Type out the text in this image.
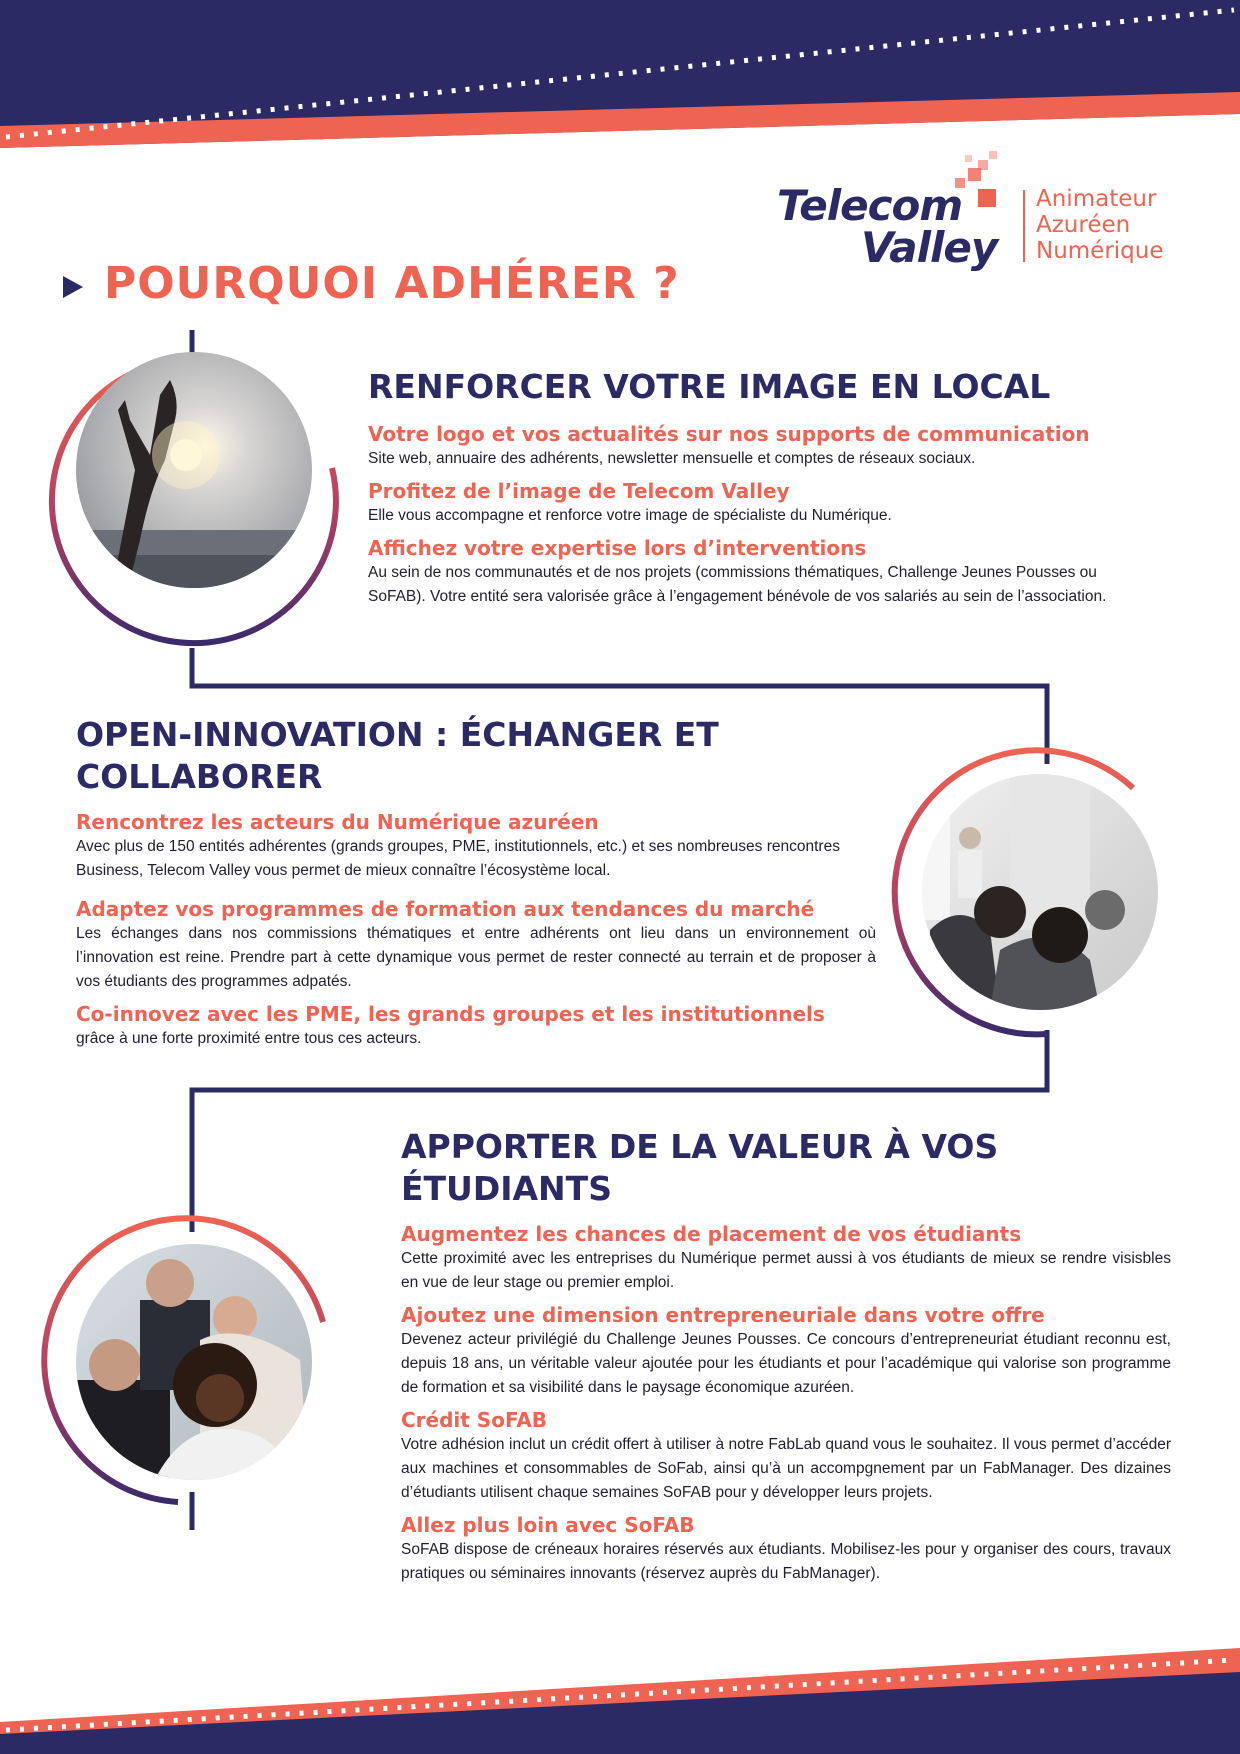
Telecom
Valley
Animateur
Azuréen
Numérique
POURQUOI ADHÉRER ?
RENFORCER VOTRE IMAGE EN LOCAL

Votre logo et vos actualités sur nos supports de communication

Site web, annuaire des adhérents, newsletter mensuelle et comptes de réseaux sociaux.

Profitez de l’image de Telecom Valley

Elle vous accompagne et renforce votre image de spécialiste du Numérique.

Affichez votre expertise lors d’interventions

Au sein de nos communautés et de nos projets (commissions thématiques, Challenge Jeunes Pousses ou SoFAB). Votre entité sera valorisée grâce à l’engagement bénévole de vos salariés au sein de l’association.

OPEN-INNOVATION : ÉCHANGER ET COLLABORER

Rencontrez les acteurs du Numérique azuréen

Avec plus de 150 entités adhérentes (grands groupes, PME, institutionnels, etc.) et ses nombreuses rencontres Business, Telecom Valley vous permet de mieux connaître l’écosystème local.

Adaptez vos programmes de formation aux tendances du marché

Les échanges dans nos commissions thématiques et entre adhérents ont lieu dans un environnement où l’innovation est reine. Prendre part à cette dynamique vous permet de rester connecté au terrain et de proposer à vos étudiants des programmes adpatés.

Co-innovez avec les PME, les grands groupes et les institutionnels

grâce à une forte proximité entre tous ces acteurs.

APPORTER DE LA VALEUR À VOS ÉTUDIANTS

Augmentez les chances de placement de vos étudiants

Cette proximité avec les entreprises du Numérique permet aussi à vos étudiants de mieux se rendre visisbles en vue de leur stage ou premier emploi.

Ajoutez une dimension entrepreneuriale dans votre offre

Devenez acteur privilégié du Challenge Jeunes Pousses. Ce concours d’entrepreneuriat étudiant reconnu est, depuis 18 ans, un véritable valeur ajoutée pour les étudiants et pour l’académique qui valorise son programme de formation et sa visibilité dans le paysage économique azuréen.

Crédit SoFAB

Votre adhésion inclut un crédit offert à utiliser à notre FabLab quand vous le souhaitez. Il vous permet d’accéder aux machines et consommables de SoFab, ainsi qu’à un accompgnement par un FabManager. Des dizaines d’étudiants utilisent chaque semaines SoFAB pour y développer leurs projets.

Allez plus loin avec SoFAB

SoFAB dispose de créneaux horaires réservés aux étudiants. Mobilisez-les pour y organiser des cours, travaux pratiques ou séminaires innovants (réservez auprès du FabManager).
